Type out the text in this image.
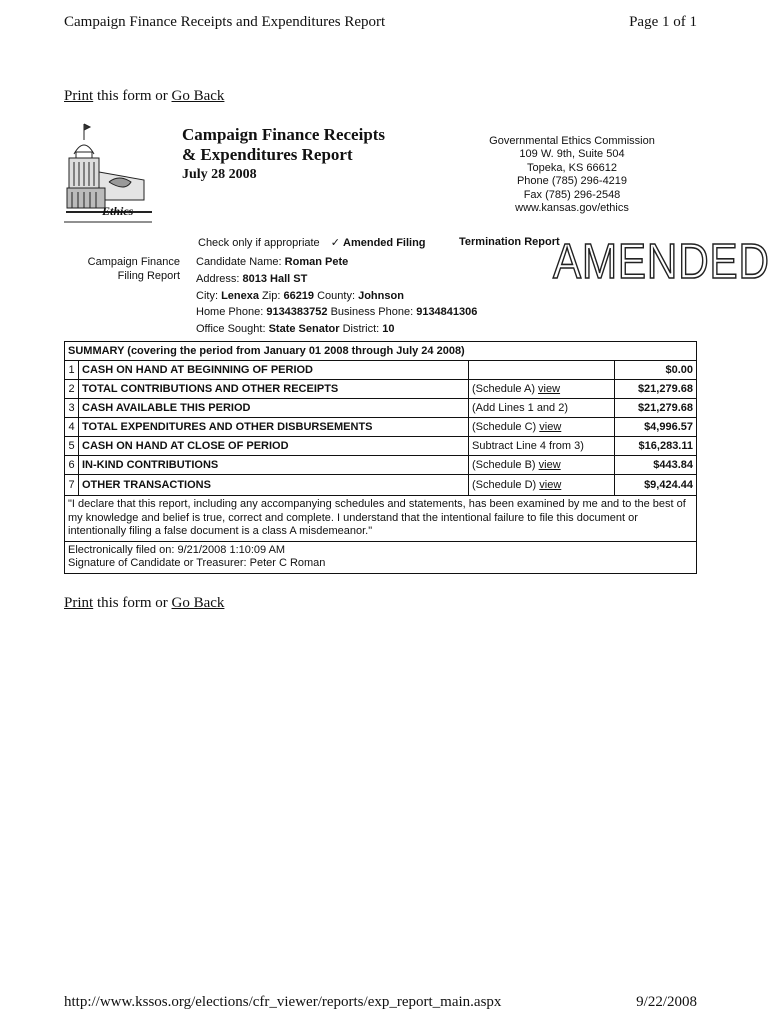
Campaign Finance Receipts and Expenditures Report	Page 1 of 1
Print this form or Go Back
Ethics
Campaign Finance Receipts
& Expenditures Report
July 28 2008
Governmental Ethics Commission
109 W. 9th, Suite 504
Topeka, KS 66612
Phone (785) 296-4219
Fax (785) 296-2548
www.kansas.gov/ethics
Check only if appropriate ✓ Amended Filing	Termination Report
AMENDED
Campaign Finance
Filing Report
Candidate Name: Roman Pete
Address: 8013 Hall ST
City: Lenexa Zip: 66219 County: Johnson
Home Phone: 9134383752 Business Phone: 9134841306
Office Sought: State Senator District: 10
SUMMARY (covering the period from January 01 2008 through July 24 2008)			
1	CASH ON HAND AT BEGINNING OF PERIOD		$0.00
2	TOTAL CONTRIBUTIONS AND OTHER RECEIPTS	(Schedule A) view	$21,279.68
3	CASH AVAILABLE THIS PERIOD	(Add Lines 1 and 2)	$21,279.68
4	TOTAL EXPENDITURES AND OTHER DISBURSEMENTS	(Schedule C) view	$4,996.57
5	CASH ON HAND AT CLOSE OF PERIOD	Subtract Line 4 from 3)	$16,283.11
6	IN-KIND CONTRIBUTIONS	(Schedule B) view	$443.84
7	OTHER TRANSACTIONS	(Schedule D) view	$9,424.44
"I declare that this report, including any accompanying schedules and statements, has been examined by me and to the best of my knowledge and belief is true, correct and complete. I understand that the intentional failure to file this document or intentionally filing a false document is a class A misdemeanor."			

Electronically filed on: 9/21/2008 1:10:09 AM
Signature of Candidate or Treasurer: Peter C Roman			
Print this form or Go Back
http://www.kssos.org/elections/cfr_viewer/reports/exp_report_main.aspx	9/22/2008
